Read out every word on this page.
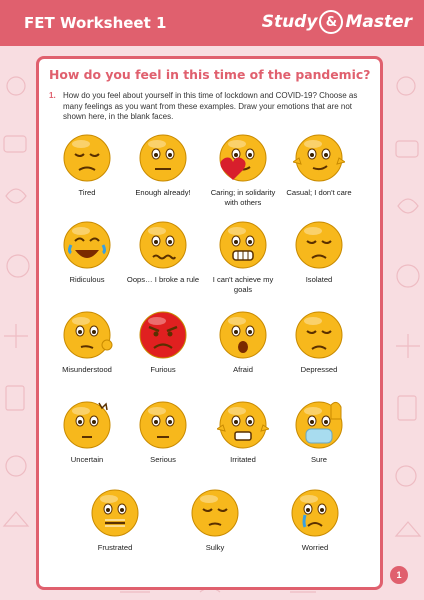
FET Worksheet 1	Study & Master
How do you feel in this time of the pandemic?
1. How do you feel about yourself in this time of lockdown and COVID-19? Choose as many feelings as you want from these examples. Draw your emotions that are not shown here, in the blank faces.
Tired	Enough already!	Caring; in solidarity with others
Casual; I don't care
Ridiculous	Oops… I broke a rule	I can't achieve my goals
Isolated
Misunderstood	Furious	Afraid	Depressed
Uncertain	Serious	Irritated	Sure
Frustrated	Sulky	Worried
1
